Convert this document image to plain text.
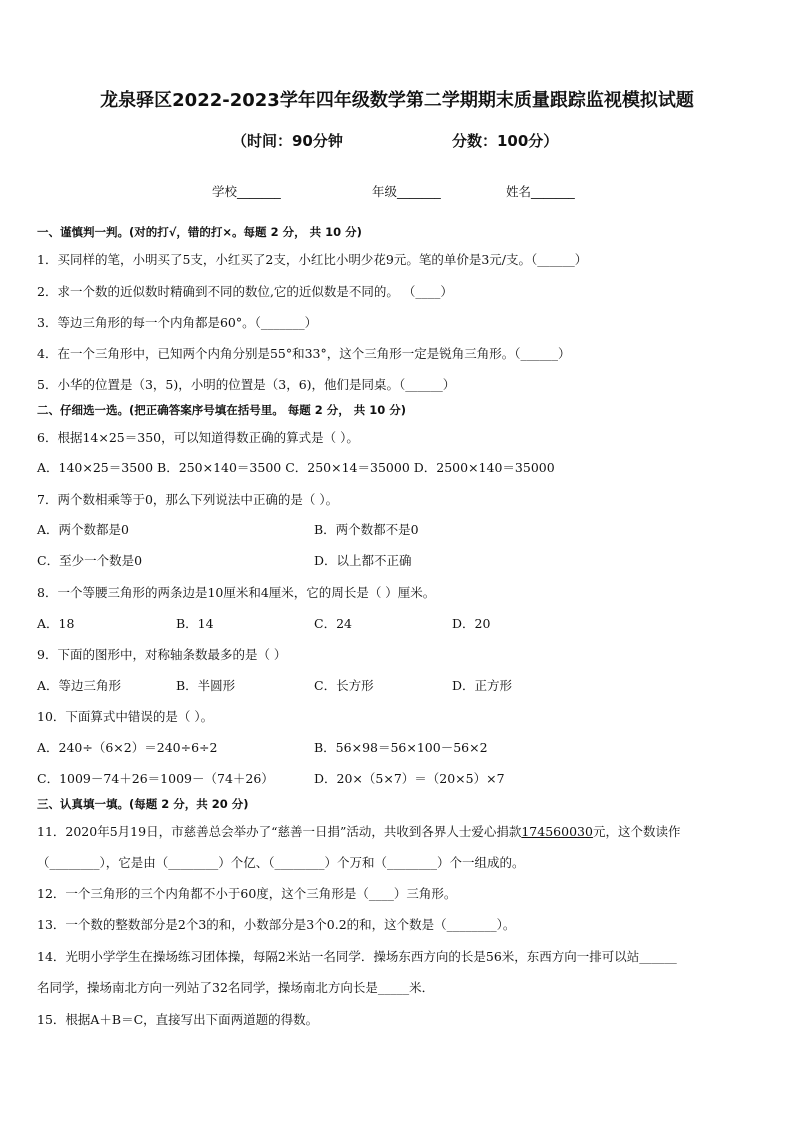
龙泉驿区2022-2023学年四年级数学第二学期期末质量跟踪监视模拟试题
（时间：90分钟	分数：100分）
学校_______	年级_______	姓名_______
一、谨慎判一判。(对的打√，错的打×。每题 2 分， 共 10 分)
1．买同样的笔，小明买了5支，小红买了2支，小红比小明少花9元。笔的单价是3元/支。（______）
2．求一个数的近似数时精确到不同的数位,它的近似数是不同的。 （____）
3．等边三角形的每一个内角都是60°。（_______）
4．在一个三角形中，已知两个内角分别是55°和33°，这个三角形一定是锐角三角形。（______）
5．小华的位置是（3，5)，小明的位置是（3，6)，他们是同桌。（______）
二、仔细选一选。(把正确答案序号填在括号里。 每题 2 分， 共 10 分)
6．根据14×25＝350，可以知道得数正确的算式是（ ）。
A．140×25＝3500 B．250×140＝3500 C．250×14＝35000 D．2500×140＝35000
7．两个数相乘等于0，那么下列说法中正确的是（ ）。
A．两个数都是0	B．两个数都不是0
C．至少一个数是0	D．以上都不正确
8．一个等腰三角形的两条边是10厘米和4厘米，它的周长是（ ）厘米。
A．18	B．14	C．24	D．20
9．下面的图形中，对称轴条数最多的是（ ）
A．等边三角形	B．半圆形	C．长方形	D．正方形
10．下面算式中错误的是（ ）。
A．240÷（6×2）＝240÷6÷2	B．56×98＝56×100－56×2
C．1009－74＋26＝1009－（74＋26）	D．20×（5×7）＝（20×5）×7
三、认真填一填。(每题 2 分，共 20 分)
11．2020年5月19日，市慈善总会举办了“慈善一日捐”活动，共收到各界人士爱心捐款174560030元，这个数读作
（________），它是由（________）个亿、（________）个万和（________）个一组成的。
12．一个三角形的三个内角都不小于60度，这个三角形是（____）三角形。
13．一个数的整数部分是2个3的和，小数部分是3个0.2的和，这个数是（________）。
14．光明小学学生在操场练习团体操，每隔2米站一名同学．操场东西方向的长是56米，东西方向一排可以站______
名同学，操场南北方向一列站了32名同学，操场南北方向长是_____米．
15．根据A＋B＝C，直接写出下面两道题的得数。
